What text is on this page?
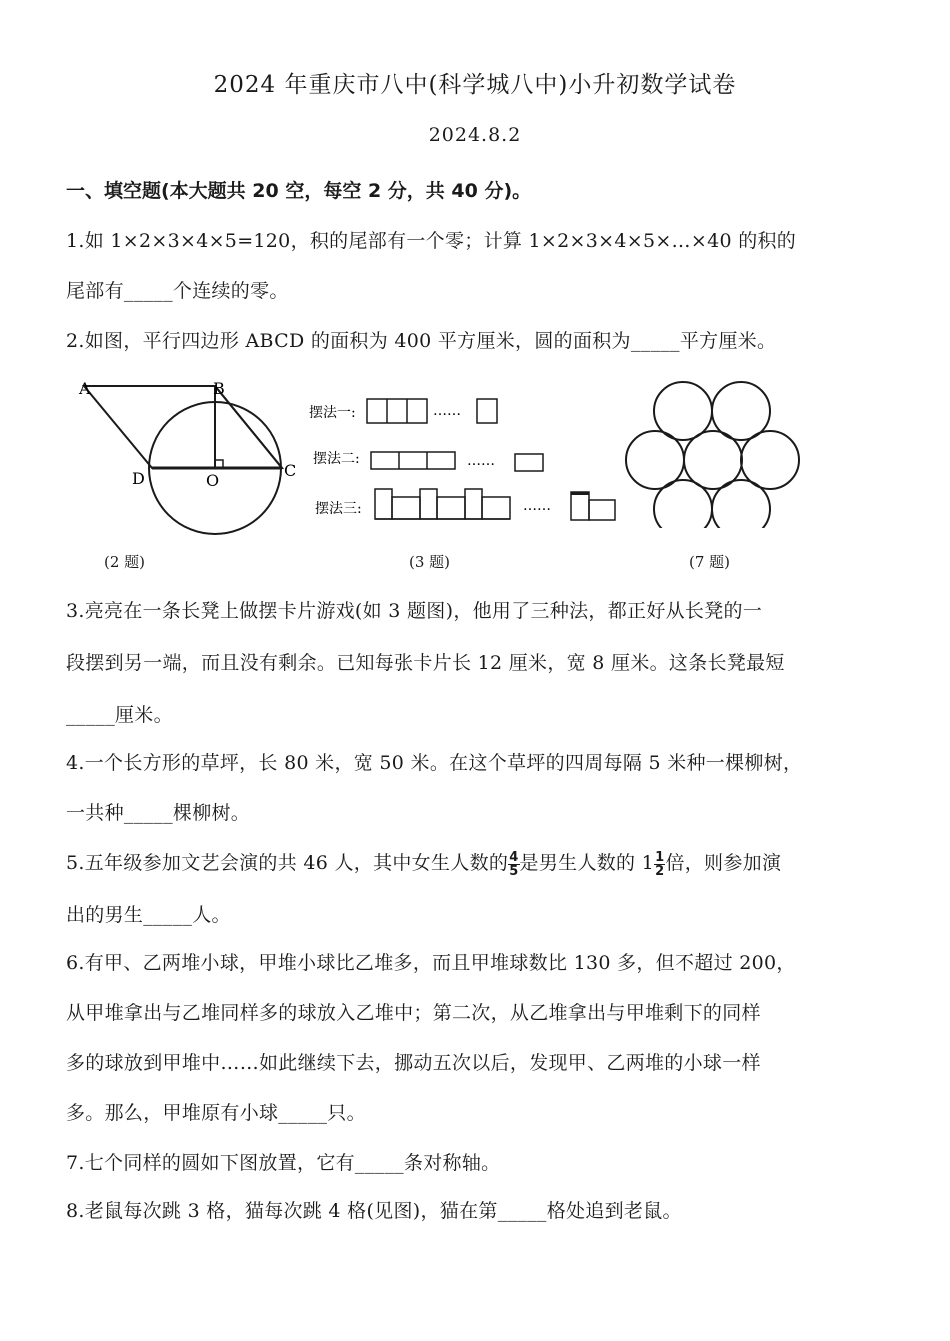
2024 年重庆市八中(科学城八中)小升初数学试卷
2024.8.2
一、填空题(本大题共 20 空，每空 2 分，共 40 分)。
1.如 1×2×3×4×5=120，积的尾部有一个零；计算 1×2×3×4×5×…×40 的积的
尾部有_____个连续的零。
2.如图，平行四边形 ABCD 的面积为 400 平方厘米，圆的面积为_____平方厘米。
A	B
C
D	O
摆法一:	……
摆法二:	……
摆法三:	……
(2 题)	(3 题)	(7 题)
3.亮亮在一条长凳上做摆卡片游戏(如 3 题图)，他用了三种法，都正好从长凳的一
段摆到另一端，而且没有剩余。已知每张卡片长 12 厘米，宽 8 厘米。这条长凳最短
_____厘米。
4.一个长方形的草坪，长 80 米，宽 50 米。在这个草坪的四周每隔 5 米种一棵柳树，
一共种_____棵柳树。
5.五年级参加文艺会演的共 46 人，其中女生人数的 $\frac{4}{5}$ 是男生人数的 $1 \frac{1}{2}$ 倍，则参加演
出的男生_____人。
6.有甲、乙两堆小球，甲堆小球比乙堆多，而且甲堆球数比 130 多，但不超过 200，
从甲堆拿出与乙堆同样多的球放入乙堆中；第二次，从乙堆拿出与甲堆剩下的同样
多的球放到甲堆中……如此继续下去，挪动五次以后，发现甲、乙两堆的小球一样
多。那么，甲堆原有小球_____只。
7.七个同样的圆如下图放置，它有_____条对称轴。
8.老鼠每次跳 3 格，猫每次跳 4 格(见图)，猫在第_____格处追到老鼠。
